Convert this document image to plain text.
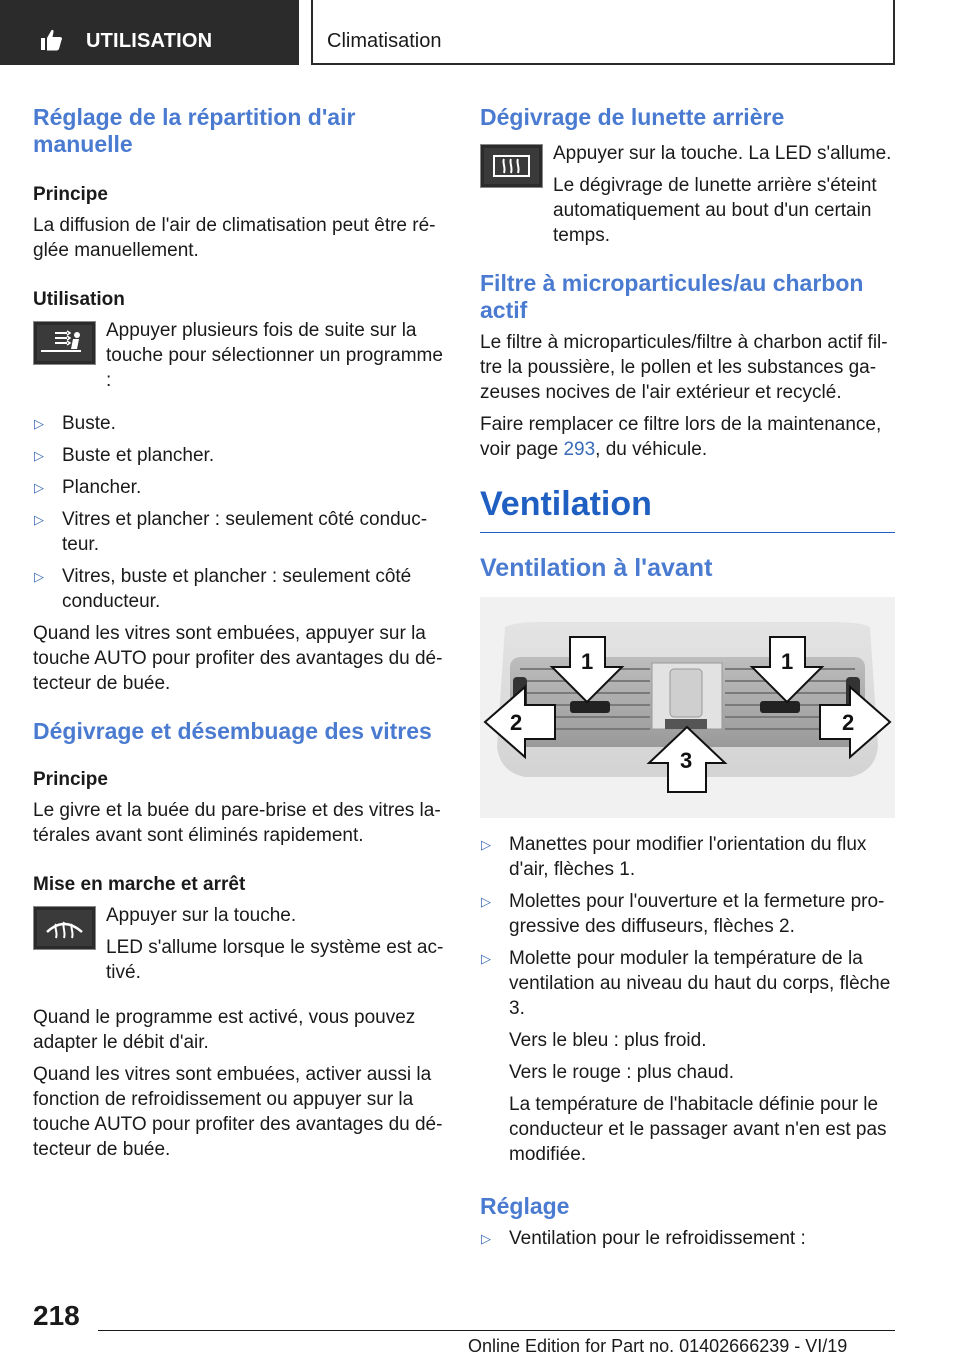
UTILISATION	Climatisation
Réglage de la répartition d'air manuelle
Principe

La diffusion de l'air de climatisation peut être réglée manuellement.

Utilisation

Appuyer plusieurs fois de suite sur la touche pour sélectionner un programme :

▷ Buste.
▷ Buste et plancher.
▷ Plancher.
▷ Vitres et plancher : seulement côté conducteur.
▷ Vitres, buste et plancher : seulement côté conducteur.

Quand les vitres sont embuées, appuyer sur la touche AUTO pour profiter des avantages du détecteur de buée.

Dégivrage et désembuage des vitres
Principe

Le givre et la buée du pare-brise et des vitres latérales avant sont éliminés rapidement.

Mise en marche et arrêt

Appuyer sur la touche.

LED s'allume lorsque le système est activé.

Quand le programme est activé, vous pouvez adapter le débit d'air.

Quand les vitres sont embuées, activer aussi la fonction de refroidissement ou appuyer sur la touche AUTO pour profiter des avantages du détecteur de buée.

Dégivrage de lunette arrière

Appuyer sur la touche. La LED s'allume.

Le dégivrage de lunette arrière s'éteint automatiquement au bout d'un certain temps.

Filtre à microparticules/au charbon actif

Le filtre à microparticules/filtre à charbon actif filtre la poussière, le pollen et les substances gazeuses nocives de l'air extérieur et recyclé.

Faire remplacer ce filtre lors de la maintenance, voir page 293, du véhicule.

Ventilation
Ventilation à l'avant
1	1
2	2
3
▷ Manettes pour modifier l'orientation du flux d'air, flèches 1.
▷ Molettes pour l'ouverture et la fermeture progressive des diffuseurs, flèches 2.
▷ Molette pour moduler la température de la ventilation au niveau du haut du corps, flèche 3.

Vers le bleu : plus froid.

Vers le rouge : plus chaud.

La température de l'habitacle définie pour le conducteur et le passager avant n'en est pas modifiée.

Réglage
▷ Ventilation pour le refroidissement :
218
Online Edition for Part no. 01402666239 - VI/19
